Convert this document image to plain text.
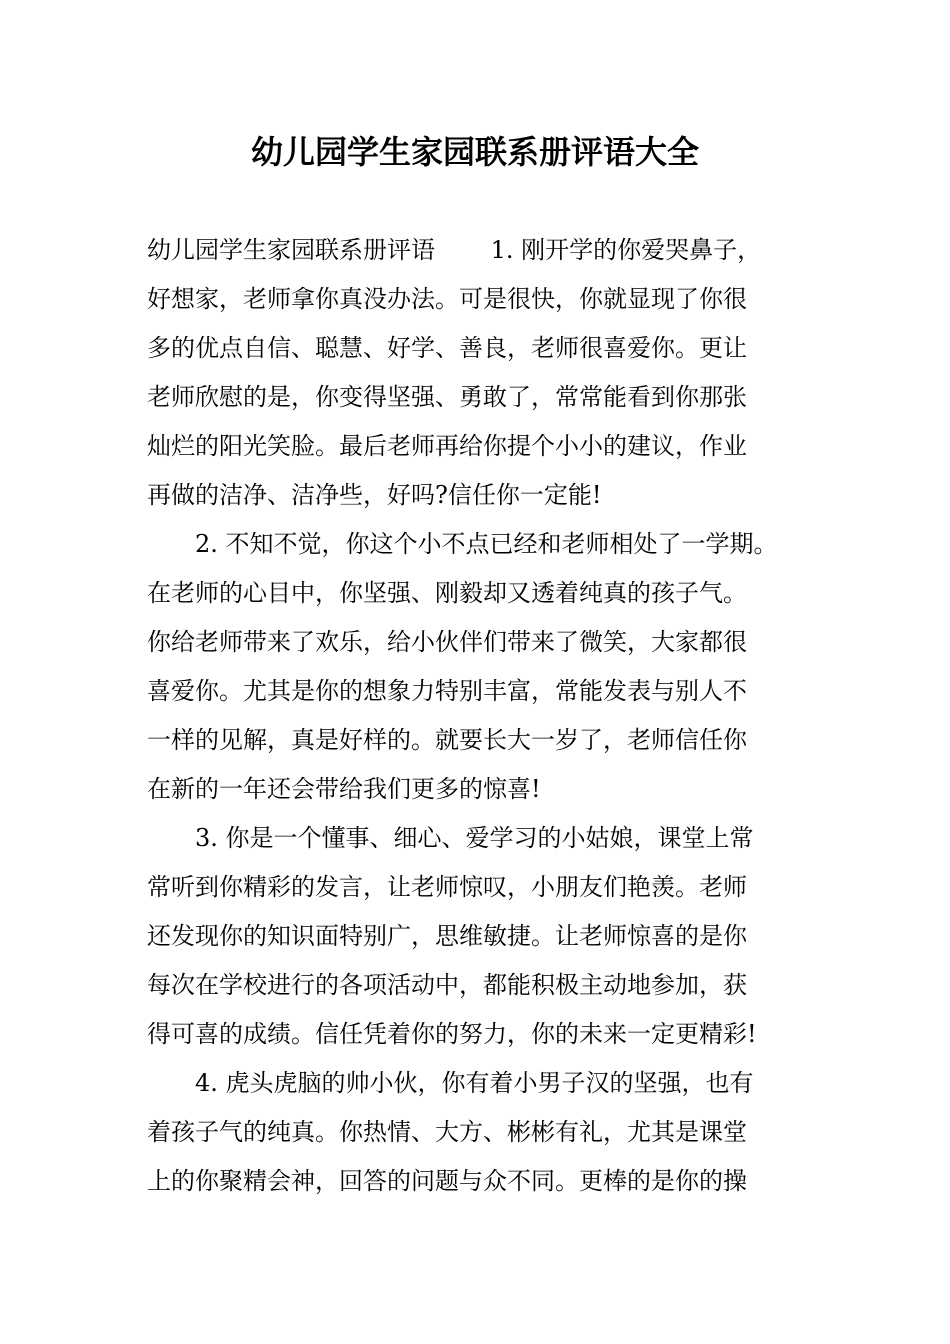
幼儿园学生家园联系册评语大全
幼儿园学生家园联系册评语　　 1. 刚开学的你爱哭鼻子，
好想家，老师拿你真没办法。可是很快，你就显现了你很
多的优点自信、聪慧、好学、善良，老师很喜爱你。更让
老师欣慰的是，你变得坚强、勇敢了，常常能看到你那张
灿烂的阳光笑脸。最后老师再给你提个小小的建议，作业
再做的洁净、洁净些，好吗?信任你一定能!
　　2. 不知不觉，你这个小不点已经和老师相处了一学期。
在老师的心目中，你坚强、刚毅却又透着纯真的孩子气。
你给老师带来了欢乐，给小伙伴们带来了微笑，大家都很
喜爱你。尤其是你的想象力特别丰富，常能发表与别人不
一样的见解，真是好样的。就要长大一岁了，老师信任你
在新的一年还会带给我们更多的惊喜!
　　3. 你是一个懂事、细心、爱学习的小姑娘，课堂上常
常听到你精彩的发言，让老师惊叹，小朋友们艳羡。老师
还发现你的知识面特别广，思维敏捷。让老师惊喜的是你
每次在学校进行的各项活动中，都能积极主动地参加，获
得可喜的成绩。信任凭着你的努力，你的未来一定更精彩!
　　4. 虎头虎脑的帅小伙，你有着小男子汉的坚强，也有
着孩子气的纯真。你热情、大方、彬彬有礼，尤其是课堂
上的你聚精会神，回答的问题与众不同。更棒的是你的操
